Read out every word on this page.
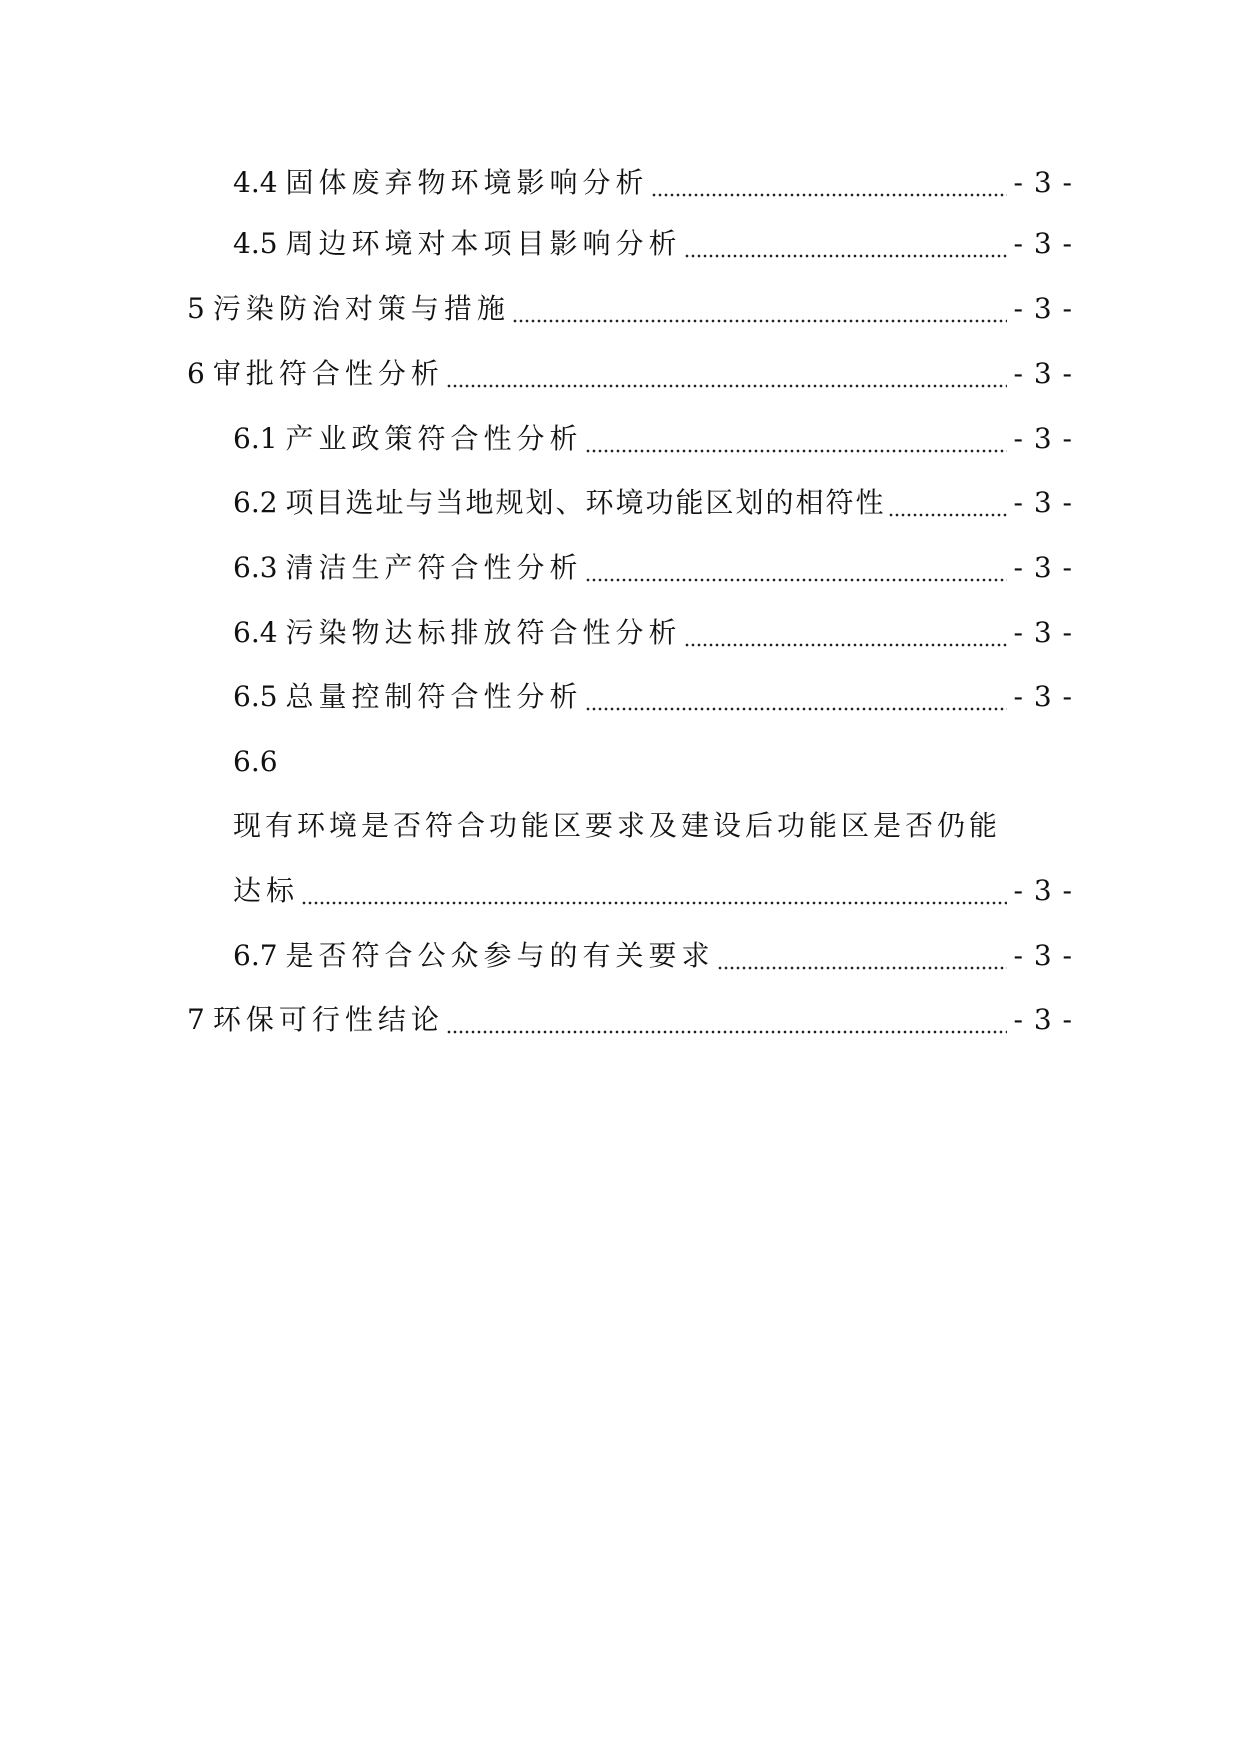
4.4 固体废弃物环境影响分析	- 3 -
4.5 周边环境对本项目影响分析	- 3 -
5 污染防治对策与措施	- 3 -
6 审批符合性分析	- 3 -
6.1 产业政策符合性分析	- 3 -
6.2 项目选址与当地规划、环境功能区划的相符性	- 3 -
6.3 清洁生产符合性分析	- 3 -
6.4 污染物达标排放符合性分析	- 3 -
6.5 总量控制符合性分析	- 3 -
6.6
现有环境是否符合功能区要求及建设后功能区是否仍能
达标	- 3 -
6.7 是否符合公众参与的有关要求	- 3 -
7 环保可行性结论	- 3 -
